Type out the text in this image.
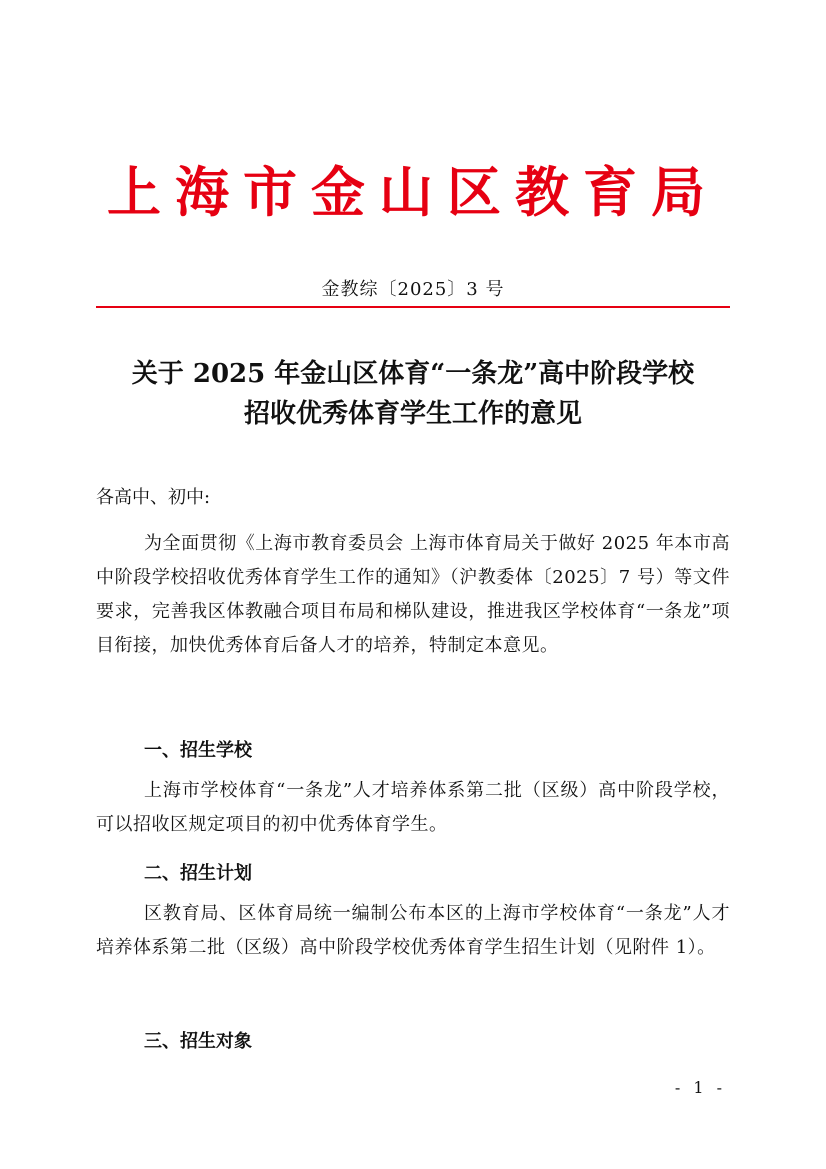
上海市金山区教育局
金教综〔2025〕3 号
关于 2025 年金山区体育“一条龙”高中阶段学校
招收优秀体育学生工作的意见
各高中、初中:
为全面贯彻《上海市教育委员会 上海市体育局关于做好 2025 年本市高中阶段学校招收优秀体育学生工作的通知》（沪教委体〔2025〕7 号）等文件要求，完善我区体教融合项目布局和梯队建设，推进我区学校体育“一条龙”项目衔接，加快优秀体育后备人才的培养，特制定本意见。
一、招生学校
上海市学校体育“一条龙”人才培养体系第二批（区级）高中阶段学校，可以招收区规定项目的初中优秀体育学生。
二、招生计划
区教育局、区体育局统一编制公布本区的上海市学校体育“一条龙”人才培养体系第二批（区级）高中阶段学校优秀体育学生招生计划（见附件 1）。
三、招生对象
- 1 -
